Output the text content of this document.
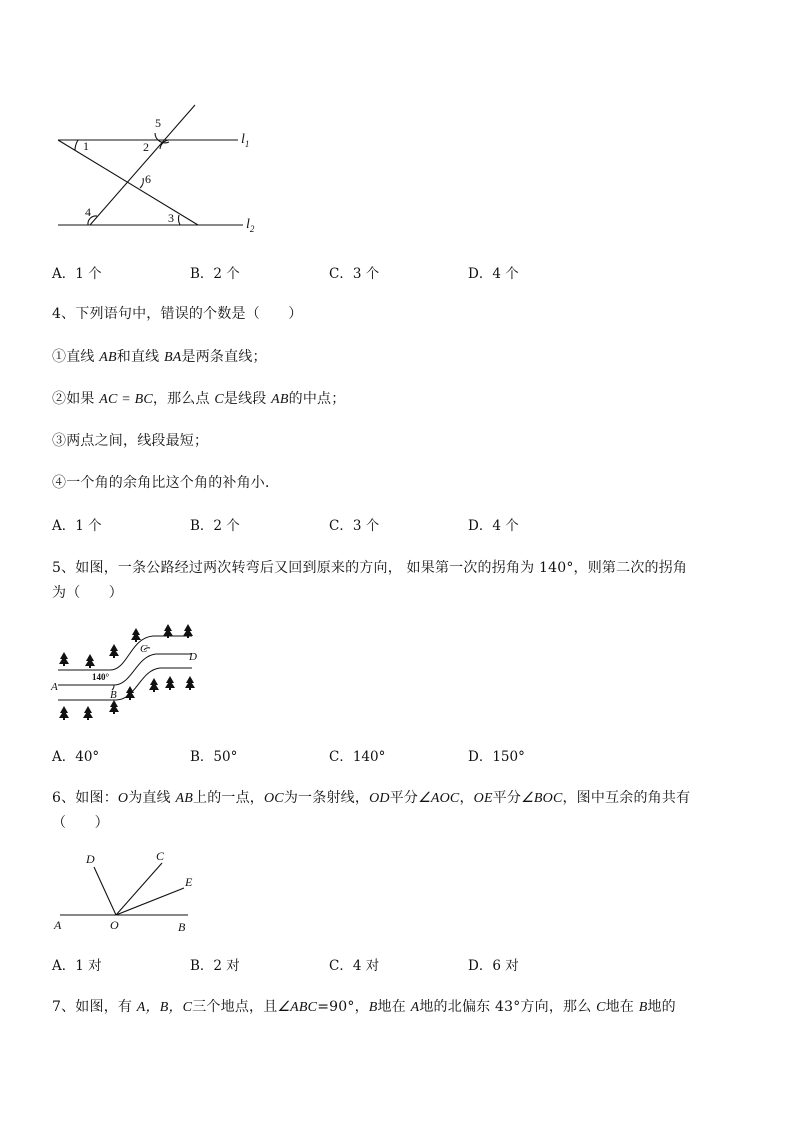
1	2
5
6
4	3
$l_1$
$l_2$
A．1 个	B．2 个	C．3 个	D．4 个
4、下列语句中，错误的个数是（　　）
①直线 AB和直线 BA是两条直线；
②如果 AC = BC，那么点 C是线段 AB的中点；
③两点之间，线段最短；
④一个角的余角比这个角的补角小．
A．1 个	B．2 个	C．3 个	D．4 个
5、如图，一条公路经过两次转弯后又回到原来的方向， 如果第一次的拐角为 140°，则第二次的拐角
为（　　）
A
B
C
D
140°
A．40°	B．50°	C．140°	D．150°
6、如图：O为直线 AB上的一点，OC为一条射线，OD平分∠AOC，OE平分∠BOC，图中互余的角共有
（　　）
A	O	B
D	C
E
A．1 对	B．2 对	C．4 对	D．6 对
7、如图，有 A，B，C三个地点，且∠ABC=90°，B地在 A地的北偏东 43°方向，那么 C地在 B地的
